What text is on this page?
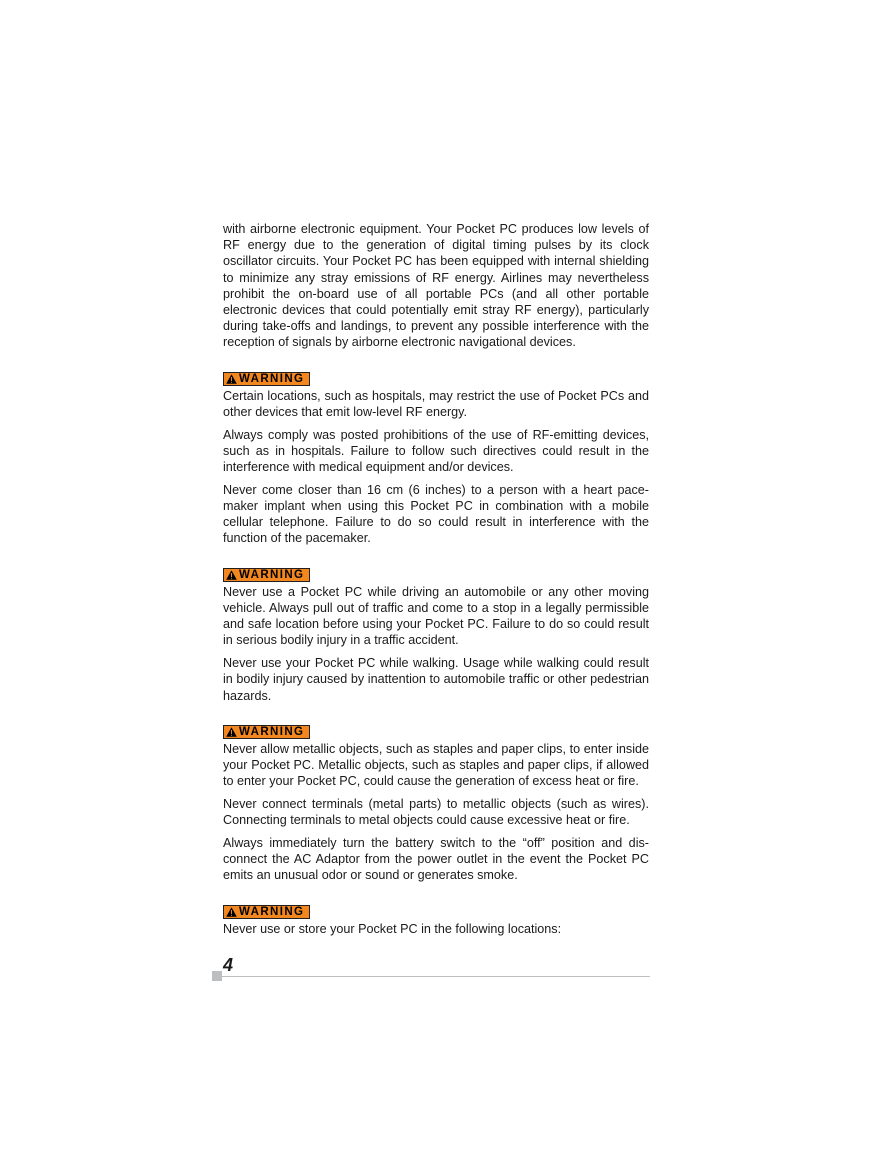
with airborne electronic equipment. Your Pocket PC produces low levels of RF energy due to the generation of digital timing pulses by its clock oscillator circuits. Your Pocket PC has been equipped with internal shielding to minimize any stray emissions of RF energy. Airlines may nevertheless prohibit the on-board use of all portable PCs (and all other portable electronic devices that could potentially emit stray RF energy), particularly during take-offs and landings, to prevent any possible interference with the reception of signals by airborne electronic navigational devices.

WARNING

Certain locations, such as hospitals, may restrict the use of Pocket PCs and other devices that emit low-level RF energy.

Always comply was posted prohibitions of the use of RF-emitting devices, such as in hospitals. Failure to follow such directives could result in the interference with medical equipment and/or devices.

Never come closer than 16 cm (6 inches) to a person with a heart pacemaker implant when using this Pocket PC in combination with a mobile cellular telephone. Failure to do so could result in interference with the function of the pacemaker.

WARNING

Never use a Pocket PC while driving an automobile or any other moving vehicle. Always pull out of traffic and come to a stop in a legally permissible and safe location before using your Pocket PC. Failure to do so could result in serious bodily injury in a traffic accident.

Never use your Pocket PC while walking. Usage while walking could result in bodily injury caused by inattention to automobile traffic or other pedestrian hazards.

WARNING

Never allow metallic objects, such as staples and paper clips, to enter inside your Pocket PC. Metallic objects, such as staples and paper clips, if allowed to enter your Pocket PC, could cause the generation of excess heat or fire.

Never connect terminals (metal parts) to metallic objects (such as wires). Connecting terminals to metal objects could cause excessive heat or fire.

Always immediately turn the battery switch to the “off” position and disconnect the AC Adaptor from the power outlet in the event the Pocket PC emits an unusual odor or sound or generates smoke.

WARNING

Never use or store your Pocket PC in the following locations:

4
